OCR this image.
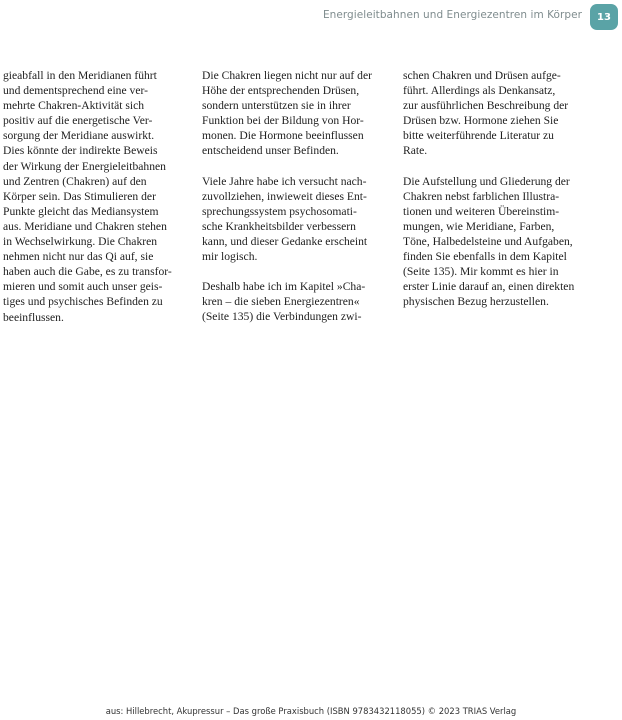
Energieleitbahnen und Energiezentren im Körper 13
gieabfall in den Meridianen führt
und dementsprechend eine ver-
mehrte Chakren-Aktivität sich
positiv auf die energetische Ver-
sorgung der Meridiane auswirkt.
Dies könnte der indirekte Beweis
der Wirkung der Energieleitbahnen
und Zentren (Chakren) auf den
Körper sein. Das Stimulieren der
Punkte gleicht das Mediansystem
aus. Meridiane und Chakren stehen
in Wechselwirkung. Die Chakren
nehmen nicht nur das Qi auf, sie
haben auch die Gabe, es zu transfor-
mieren und somit auch unser geis-
tiges und psychisches Befinden zu
beeinflussen.
Die Chakren liegen nicht nur auf der
Höhe der entsprechenden Drüsen,
sondern unterstützen sie in ihrer
Funktion bei der Bildung von Hor-
monen. Die Hormone beeinflussen
entscheidend unser Befinden.
Viele Jahre habe ich versucht nach-
zuvollziehen, inwieweit dieses Ent-
sprechungssystem psychosomati-
sche Krankheitsbilder verbessern
kann, und dieser Gedanke erscheint
mir logisch.
Deshalb habe ich im Kapitel »Cha-
kren – die sieben Energiezentren«
(Seite 135) die Verbindungen zwi-
schen Chakren und Drüsen aufge-
führt. Allerdings als Denkansatz,
zur ausführlichen Beschreibung der
Drüsen bzw. Hormone ziehen Sie
bitte weiterführende Literatur zu
Rate.
Die Aufstellung und Gliederung der
Chakren nebst farblichen Illustra-
tionen und weiteren Übereinstim-
mungen, wie Meridiane, Farben,
Töne, Halbedelsteine und Aufgaben,
finden Sie ebenfalls in dem Kapitel
(Seite 135). Mir kommt es hier in
erster Linie darauf an, einen direkten
physischen Bezug herzustellen.
aus: Hillebrecht, Akupressur – Das große Praxisbuch (ISBN 9783432118055) © 2023 TRIAS Verlag
